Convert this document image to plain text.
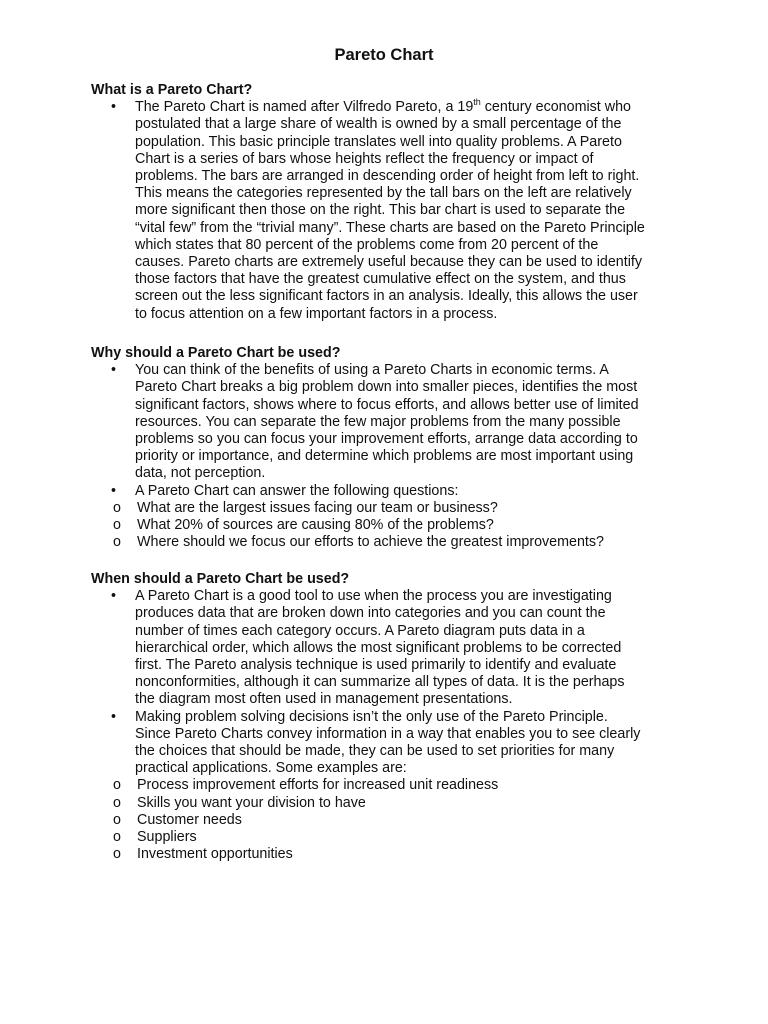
Pareto Chart
What is a Pareto Chart?
•	The Pareto Chart is named after Vilfredo Pareto, a 19th century economist who
postulated that a large share of wealth is owned by a small percentage of the
population. This basic principle translates well into quality problems. A Pareto
Chart is a series of bars whose heights reflect the frequency or impact of
problems. The bars are arranged in descending order of height from left to right.
This means the categories represented by the tall bars on the left are relatively
more significant then those on the right. This bar chart is used to separate the
“vital few” from the “trivial many”. These charts are based on the Pareto Principle
which states that 80 percent of the problems come from 20 percent of the
causes. Pareto charts are extremely useful because they can be used to identify
those factors that have the greatest cumulative effect on the system, and thus
screen out the less significant factors in an analysis. Ideally, this allows the user
to focus attention on a few important factors in a process.
Why should a Pareto Chart be used?
•	You can think of the benefits of using a Pareto Charts in economic terms. A
Pareto Chart breaks a big problem down into smaller pieces, identifies the most
significant factors, shows where to focus efforts, and allows better use of limited
resources. You can separate the few major problems from the many possible
problems so you can focus your improvement efforts, arrange data according to
priority or importance, and determine which problems are most important using
data, not perception.
•	A Pareto Chart can answer the following questions:
o What are the largest issues facing our team or business?
o What 20% of sources are causing 80% of the problems?
o Where should we focus our efforts to achieve the greatest improvements?
When should a Pareto Chart be used?
•	A Pareto Chart is a good tool to use when the process you are investigating
produces data that are broken down into categories and you can count the
number of times each category occurs. A Pareto diagram puts data in a
hierarchical order, which allows the most significant problems to be corrected
first. The Pareto analysis technique is used primarily to identify and evaluate
nonconformities, although it can summarize all types of data. It is the perhaps
the diagram most often used in management presentations.
•	Making problem solving decisions isn’t the only use of the Pareto Principle.
Since Pareto Charts convey information in a way that enables you to see clearly
the choices that should be made, they can be used to set priorities for many
practical applications. Some examples are:
o Process improvement efforts for increased unit readiness
o Skills you want your division to have
o Customer needs
o Suppliers
o Investment opportunities
